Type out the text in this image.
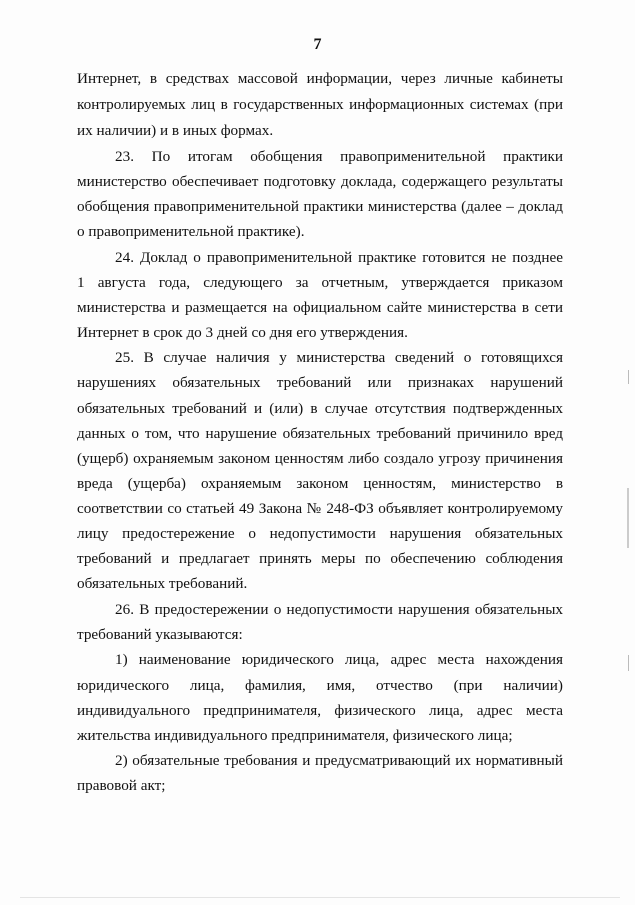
7
Интернет, в средствах массовой информации, через личные кабинеты
контролируемых лиц в государственных информационных системах (при
их наличии) и в иных формах.
23. По итогам обобщения правоприменительной практики
министерство обеспечивает подготовку доклада, содержащего результаты
обобщения правоприменительной практики министерства (далее – доклад
о правоприменительной практике).
24. Доклад о правоприменительной практике готовится не позднее
1 августа года, следующего за отчетным, утверждается приказом
министерства и размещается на официальном сайте министерства в сети
Интернет в срок до 3 дней со дня его утверждения.
25. В случае наличия у министерства сведений о готовящихся
нарушениях обязательных требований или признаках нарушений
обязательных требований и (или) в случае отсутствия подтвержденных
данных о том, что нарушение обязательных требований причинило вред
(ущерб) охраняемым законом ценностям либо создало угрозу причинения
вреда (ущерба) охраняемым законом ценностям, министерство в
соответствии со статьей 49 Закона № 248-ФЗ объявляет контролируемому
лицу предостережение о недопустимости нарушения обязательных
требований и предлагает принять меры по обеспечению соблюдения
обязательных требований.
26. В предостережении о недопустимости нарушения обязательных
требований указываются:
1) наименование юридического лица, адрес места нахождения
юридического лица, фамилия, имя, отчество (при наличии)
индивидуального предпринимателя, физического лица, адрес места
жительства индивидуального предпринимателя, физического лица;
2) обязательные требования и предусматривающий их нормативный
правовой акт;
